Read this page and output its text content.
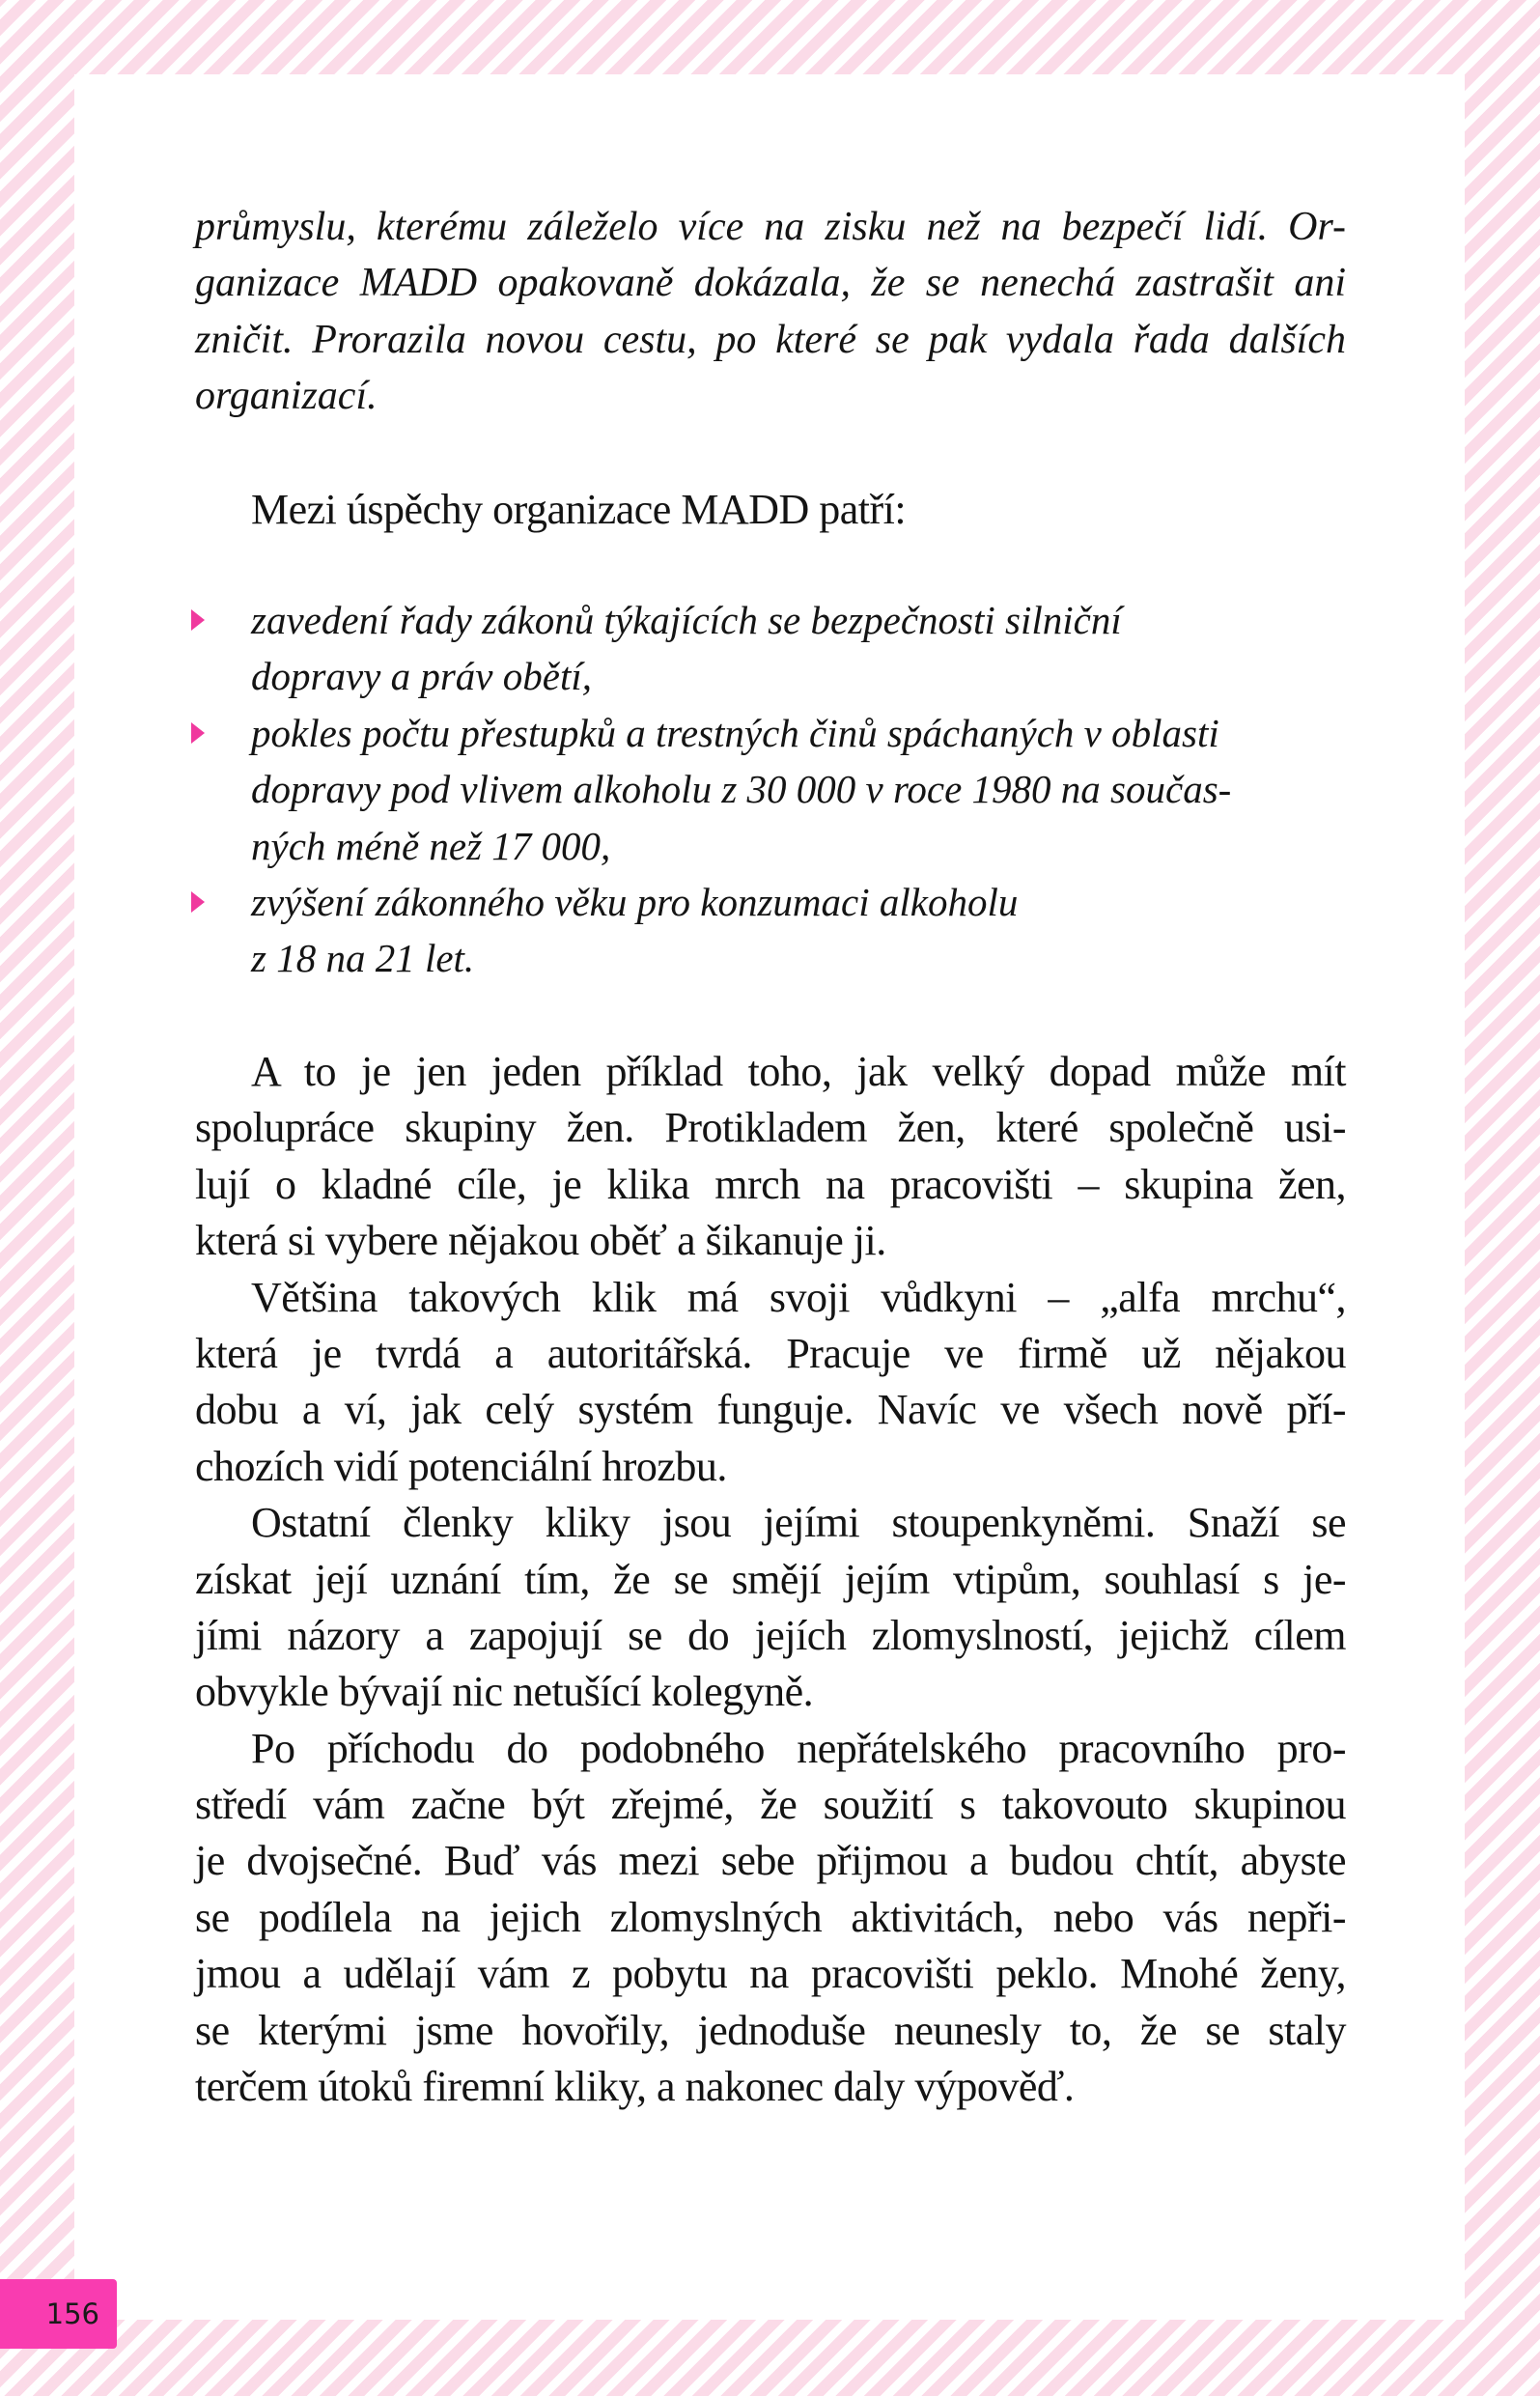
průmyslu, kterému záleželo více na zisku než na bezpečí lidí. Or-
ganizace MADD opakovaně dokázala, že se nenechá zastrašit ani
zničit. Prorazila novou cestu, po které se pak vydala řada dalších
organizací.
Mezi úspěchy organizace MADD patří:
zavedení řady zákonů týkajících se bezpečnosti silniční
dopravy a práv obětí,
pokles počtu přestupků a trestných činů spáchaných v oblasti
dopravy pod vlivem alkoholu z 30 000 v roce 1980 na součas-
ných méně než 17 000,
zvýšení zákonného věku pro konzumaci alkoholu
z 18 na 21 let.
A to je jen jeden příklad toho, jak velký dopad může mít
spolupráce skupiny žen. Protikladem žen, které společně usi-
lují o kladné cíle, je klika mrch na pracovišti – skupina žen,
která si vybere nějakou oběť a šikanuje ji.
Většina takových klik má svoji vůdkyni – „alfa mrchu“,
která je tvrdá a autoritářská. Pracuje ve firmě už nějakou
dobu a ví, jak celý systém funguje. Navíc ve všech nově pří-
chozích vidí potenciální hrozbu.
Ostatní členky kliky jsou jejími stoupenkyněmi. Snaží se
získat její uznání tím, že se smějí jejím vtipům, souhlasí s je-
jími názory a zapojují se do jejích zlomyslností, jejichž cílem
obvykle bývají nic netušící kolegyně.
Po příchodu do podobného nepřátelského pracovního pro-
středí vám začne být zřejmé, že soužití s takovouto skupinou
je dvojsečné. Buď vás mezi sebe přijmou a budou chtít, abyste
se podílela na jejich zlomyslných aktivitách, nebo vás nepři-
jmou a udělají vám z pobytu na pracovišti peklo. Mnohé ženy,
se kterými jsme hovořily, jednoduše neunesly to, že se staly
terčem útoků firemní kliky, a nakonec daly výpověď.
156
